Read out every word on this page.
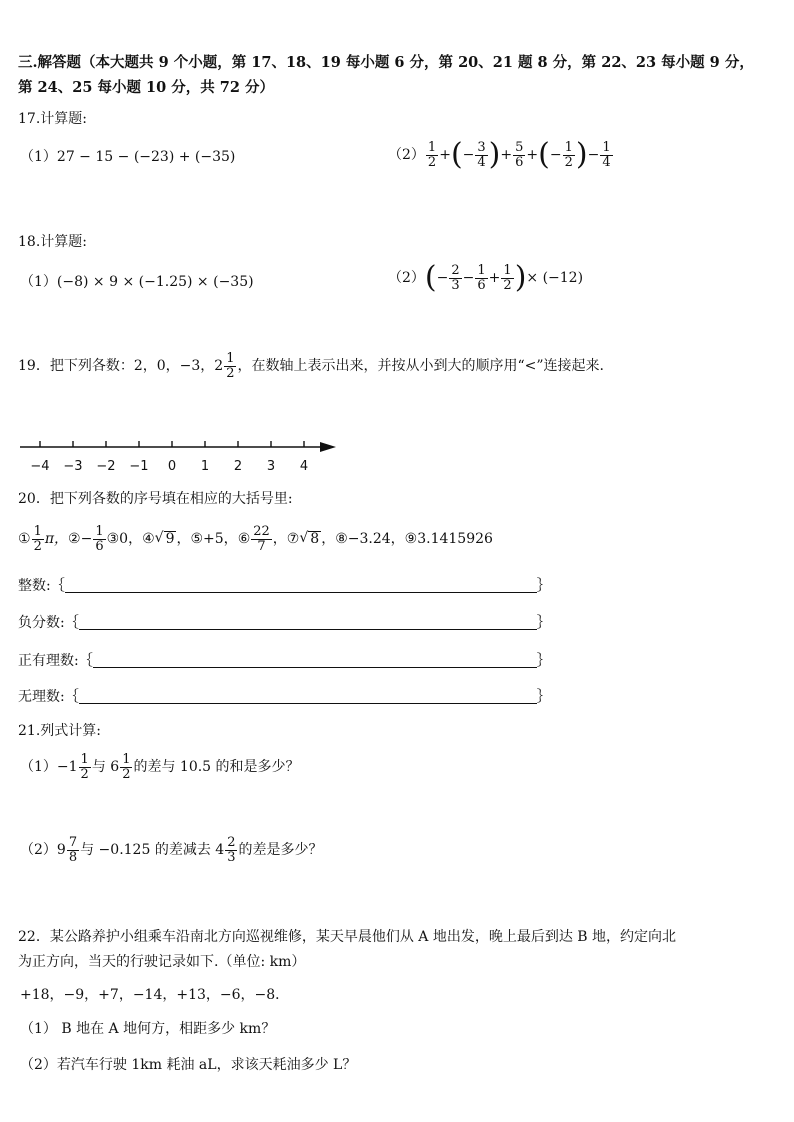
三.解答题（本大题共 9 个小题，第 17、18、19 每小题 6 分，第 20、21 题 8 分，第 22、23 每小题 9 分，
第 24、25 每小题 10 分，共 72 分）
17.计算题:
（1）27 − 15 − (−23) + (−35)	$(2) \frac{1}{2}$ + ( − $\frac{3}{4}$ ) + $\frac{5}{6}$ + ( − $\frac{1}{2}$ ) − $\frac{1}{4}$
18.计算题:
（1）(−8) × 9 × (−1.25) × (−35)	（2） ( − $\frac{2}{3} - \frac{1}{6} + \frac{1}{2}$ ) × (−12)
19．把下列各数：2，0，−3，$2 \frac{1}{2}$ ，在数轴上表示出来，并按从小到大的顺序用“<”连接起来.
−4 −3 −2 −1 0 1 2 3 4
20．把下列各数的序号填在相应的大括号里:
① $\frac{1}{2}$ π， ②− $\frac{1}{6}$ ③0， ④ √ 9 ， ⑤+5， ⑥ $\frac{22}{7}$ ， ⑦ √ 8 ， ⑧−3.24， ⑨3.1415926
整数:｛	｝
负分数:｛	｝
正有理数:｛	｝
无理数:｛	｝
21.列式计算:
$(1)-1 \frac{1}{2}$ 与 $6 \frac{1}{2}$ 的差与 10.5 的和是多少？
$(2)9 \frac{7}{8}$ 与 −0.125 的差减去 $4 \frac{2}{3}$ 的差是多少？
22．某公路养护小组乘车沿南北方向巡视维修，某天早晨他们从 A 地出发，晚上最后到达 B 地，约定向北
为正方向，当天的行驶记录如下.（单位: km）
+18，−9，+7，−14，+13，−6，−8．
（1） B 地在 A 地何方，相距多少 km？
（2）若汽车行驶 1km 耗油 aL，求该天耗油多少 L？
